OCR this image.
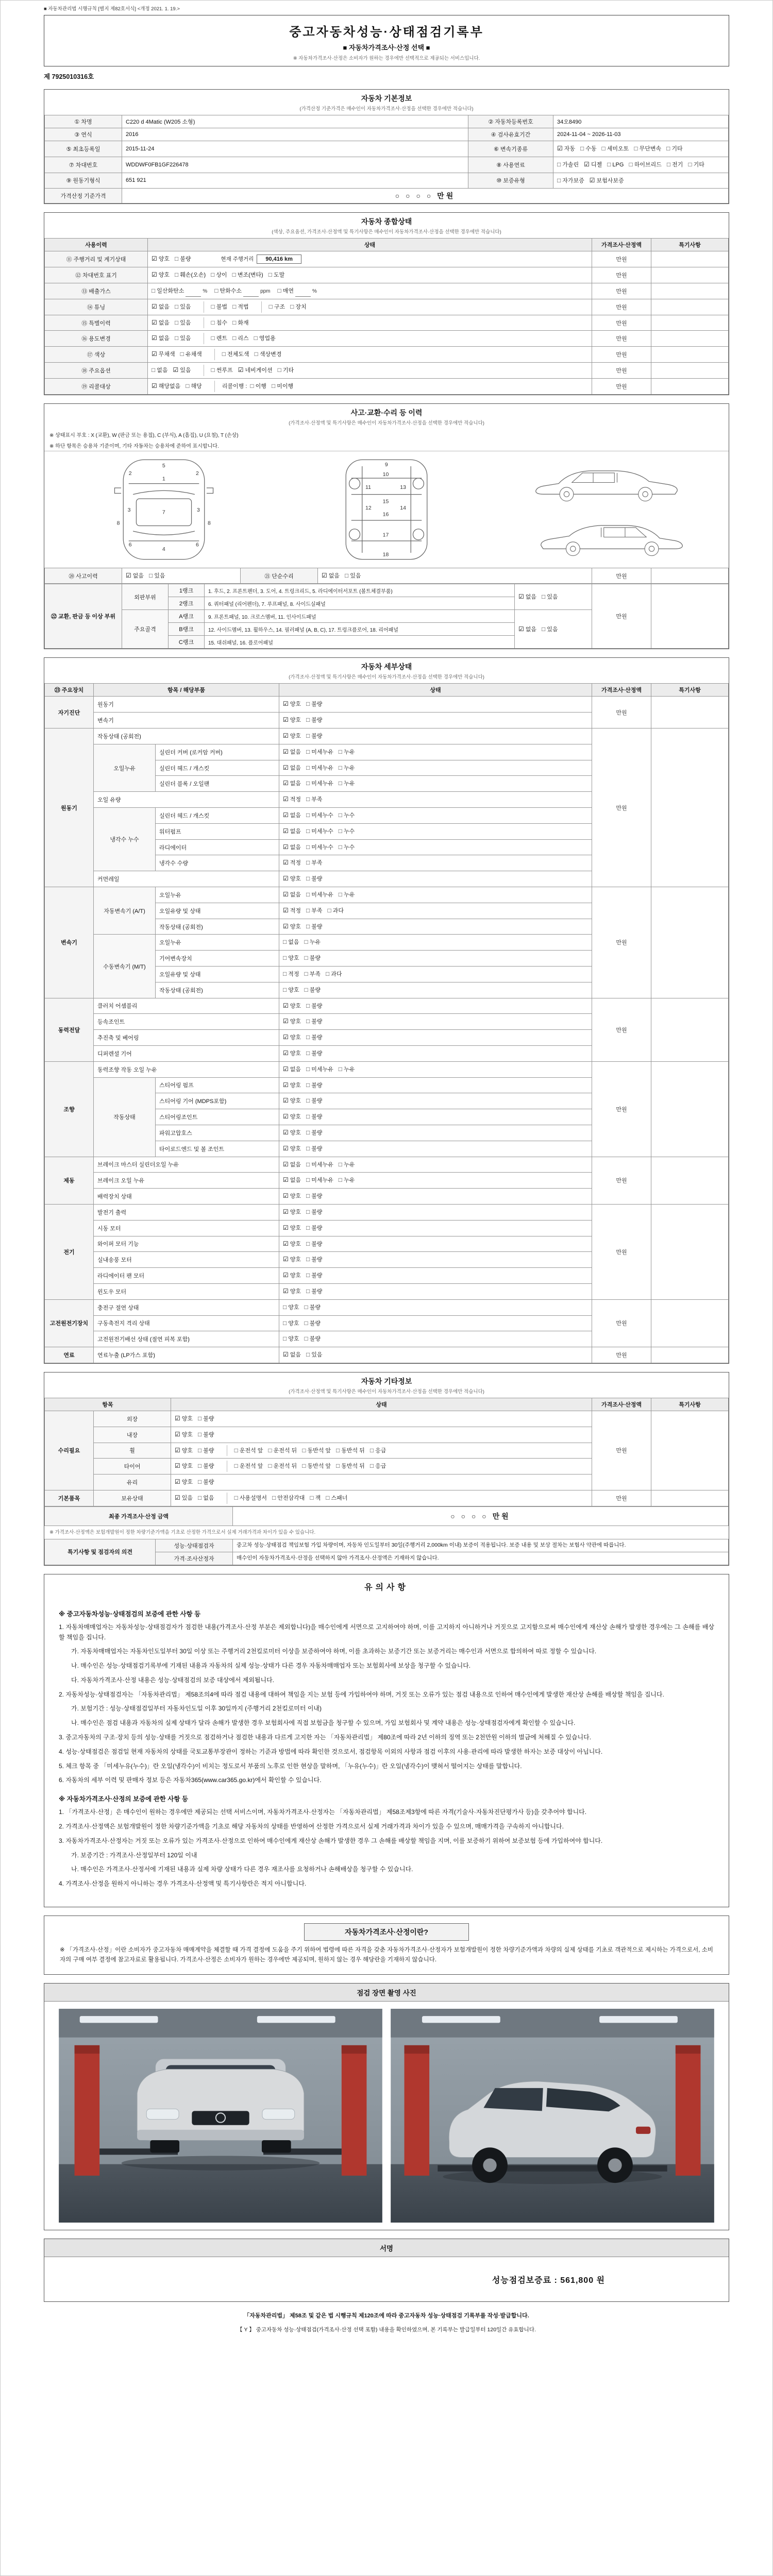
■ 자동차관리법 시행규칙 [별지 제82호서식] <개정 2021. 1. 19.>
중고자동차성능·상태점검기록부
■ 자동차가격조사·산정 선택 ■
※ 자동차가격조사·산정은 소비자가 원하는 경우에만 선택적으로 제공되는 서비스입니다.
제 7925010316호
자동차 기본정보
(가격산정 기준가격은 매수인이 자동차가격조사·산정을 선택한 경우에만 적습니다)
① 차명	C220 d 4Matic (W205 소형)	② 자동차등록번호	34오8490
③ 연식	2016	④ 검사유효기간	2024-11-04 ~ 2026-11-03
⑤ 최초등록일	2015-11-24	⑥ 변속기종류	☑ 자동 □ 수동 □ 세미오토 □ 무단변속 □ 기타
⑦ 차대번호	WDDWF0FB1GF226478	⑧ 사용연료	□ 가솔린 ☑ 디젤 □ LPG □ 하이브리드 □ 전기 □ 기타
⑨ 원동기형식	651 921	⑩ 보증유형	□ 자가보증 ☑ 보험사보증
가격산정 기준가격	○ ○ ○ ○ 만원		
자동차 종합상태
(색상, 주요옵션, 가격조사·산정액 및 특기사항은 매수인이 자동차가격조사·산정을 선택한 경우에만 적습니다)
사용이력	상태	가격조사·산정액	특기사항
⑪ 주행거리 및 계기상태	☑ 양호 □ 불량 현재 주행거리 90,416 km	만원	
⑫ 차대번호 표기	☑ 양호 □ 훼손(오손) □ 상이 □ 변조(변타) □ 도말	만원	
⑬ 배출가스	□ 일산화탄소 % □ 탄화수소 ppm □ 매연 %	만원	
⑭ 튜닝	☑ 없음 □ 있음 □ 불법 □ 적법 □ 구조 □ 장치	만원	
⑮ 특별이력	☑ 없음 □ 있음 □ 침수 □ 화재	만원	
⑯ 용도변경	☑ 없음 □ 있음 □ 렌트 □ 리스 □ 영업용	만원	
⑰ 색상	☑ 무채색 □ 유채색 □ 전체도색 □ 색상변경	만원	
⑱ 주요옵션	□ 없음 ☑ 있음 □ 썬루프 ☑ 네비게이션 □ 기타	만원	
⑲ 리콜대상	☑ 해당없음 □ 해당 리콜이행 : □ 이행 □ 미이행	만원	
사고·교환·수리 등 이력
(가격조사·산정액 및 특기사항은 매수인이 자동차가격조사·산정을 선택한 경우에만 적습니다)
※ 상태표시 부호 : X (교환), W (판금 또는 용접), C (부식), A (흠집), U (요철), T (손상)
※ 하단 항목은 승용차 기준이며, 기타 자동차는 승용차에 준하여 표시합니다.
5
1
7
4
2	2
3	3
6	6
8	8
9
10
11	13
12	14
15
16
17
18
⑳ 사고이력	☑ 없음 □ 있음	㉑ 단순수리	☑ 없음 □ 있음	만원	
㉒ 교환, 판금 등 이상 부위	외판부위	1랭크	1. 후드, 2. 프론트펜더, 3. 도어, 4. 트렁크리드, 5. 라디에이터서포트 (볼트체결부품)	☑ 없음 □ 있음	만원	
		2랭크	6. 쿼터패널 (리어펜더), 7. 루프패널, 8. 사이드실패널			
	주요골격	A랭크	9. 프론트패널, 10. 크로스멤버, 11. 인사이드패널	☑ 없음 □ 있음		
		B랭크	12. 사이드멤버, 13. 휠하우스, 14. 필러패널 (A, B, C), 17. 트렁크플로어, 18. 리어패널			
		C랭크	15. 대쉬패널, 16. 플로어패널			
자동차 세부상태
(가격조사·산정액 및 특기사항은 매수인이 자동차가격조사·산정을 선택한 경우에만 적습니다)
㉓ 주요장치	항목 / 해당부품		상태	가격조사·산정액	특기사항
자기진단	원동기		☑ 양호 □ 불량	만원	
	변속기		☑ 양호 □ 불량		
원동기	작동상태 (공회전)		☑ 양호 □ 불량	만원	
	오일누유	실린더 커버 (로커암 커버)	☑ 없음 □ 미세누유 □ 누유		
		실린더 헤드 / 개스킷	☑ 없음 □ 미세누유 □ 누유		
		실린더 블록 / 오일팬	☑ 없음 □ 미세누유 □ 누유		
	오일 유량		☑ 적정 □ 부족		
	냉각수 누수	실린더 헤드 / 개스킷	☑ 없음 □ 미세누수 □ 누수		
		워터펌프	☑ 없음 □ 미세누수 □ 누수		
		라디에이터	☑ 없음 □ 미세누수 □ 누수		
		냉각수 수량	☑ 적정 □ 부족		
	커먼레일		☑ 양호 □ 불량		
변속기	자동변속기 (A/T)	오일누유	☑ 없음 □ 미세누유 □ 누유	만원	
		오일유량 및 상태	☑ 적정 □ 부족 □ 과다		
		작동상태 (공회전)	☑ 양호 □ 불량		
	수동변속기 (M/T)	오일누유	□ 없음 □ 누유		
		기어변속장치	□ 양호 □ 불량		
		오일유량 및 상태	□ 적정 □ 부족 □ 과다		
		작동상태 (공회전)	□ 양호 □ 불량		
동력전달	클러치 어셈블리		☑ 양호 □ 불량	만원	
	등속조인트		☑ 양호 □ 불량		
	추진축 및 베어링		☑ 양호 □ 불량		
	디퍼렌셜 기어		☑ 양호 □ 불량		
조향	동력조향 작동 오일 누유		☑ 없음 □ 미세누유 □ 누유	만원	
	작동상태	스티어링 펌프	☑ 양호 □ 불량		
		스티어링 기어 (MDPS포함)	☑ 양호 □ 불량		
		스티어링조인트	☑ 양호 □ 불량		
		파워고압호스	☑ 양호 □ 불량		
		타이로드엔드 및 볼 조인트	☑ 양호 □ 불량		
제동	브레이크 마스터 실린더오일 누유		☑ 없음 □ 미세누유 □ 누유	만원	
	브레이크 오일 누유		☑ 없음 □ 미세누유 □ 누유		
	배력장치 상태		☑ 양호 □ 불량		
전기	발전기 출력		☑ 양호 □ 불량	만원	
	시동 모터		☑ 양호 □ 불량		
	와이퍼 모터 기능		☑ 양호 □ 불량		
	실내송풍 모터		☑ 양호 □ 불량		
	라디에이터 팬 모터		☑ 양호 □ 불량		
	윈도우 모터		☑ 양호 □ 불량		
고전원전기장치	충전구 절연 상태		□ 양호 □ 불량	만원	
	구동축전지 격리 상태		□ 양호 □ 불량		
	고전원전기배선 상태 (절연 피복 포함)		□ 양호 □ 불량		
연료	연료누출 (LP가스 포함)		☑ 없음 □ 있음	만원	
자동차 기타정보
(가격조사·산정액 및 특기사항은 매수인이 자동차가격조사·산정을 선택한 경우에만 적습니다)
항목		상태	가격조사·산정액	특기사항
수리필요	외장	☑ 양호 □ 불량	만원	
	내장	☑ 양호 □ 불량		
	휠	☑ 양호 □ 불량 □ 운전석 앞 □ 운전석 뒤 □ 동반석 앞 □ 동반석 뒤 □ 응급		
	타이어	☑ 양호 □ 불량 □ 운전석 앞 □ 운전석 뒤 □ 동반석 앞 □ 동반석 뒤 □ 응급		
	유리	☑ 양호 □ 불량		
기본품목	보유상태	☑ 있음 □ 없음 □ 사용설명서 □ 안전삼각대 □ 잭 □ 스패너	만원	
최종 가격조사·산정 금액	○ ○ ○ ○ 만원
※ 가격조사·산정액은 보험개발원이 정한 차량기준가액을 기초로 산정한 가격으로서 실제 거래가격과 차이가 있을 수 있습니다.
특기사항 및 점검자의 의견	성능·상태점검자	중고차 성능·상태점검 책임보험 가입 차량이며, 자동차 인도일부터 30일(주행거리 2,000km 이내) 보증이 적용됩니다. 보증 내용 및 보상 절차는 보험사 약관에 따릅니다.
	가격·조사산정자	매수인이 자동차가격조사·산정을 선택하지 않아 가격조사·산정액은 기재하지 않습니다.
유의사항
※ 중고자동차성능·상태점검의 보증에 관한 사항 등
1. 자동차매매업자는 자동차성능·상태점검자가 점검한 내용(가격조사·산정 부분은 제외합니다)을 매수인에게 서면으로 고지하여야 하며, 이를 고지하지 아니하거나 거짓으로 고지함으로써 매수인에게 재산상 손해가 발생한 경우에는 그 손해를 배상할 책임을 집니다.
가. 자동차매매업자는 자동차인도일부터 30일 이상 또는 주행거리 2천킬로미터 이상을 보증하여야 하며, 이를 초과하는 보증기간 또는 보증거리는 매수인과 서면으로 합의하여 따로 정할 수 있습니다.
나. 매수인은 성능·상태점검기록부에 기재된 내용과 자동차의 실제 성능·상태가 다른 경우 자동차매매업자 또는 보험회사에 보상을 청구할 수 있습니다.
다. 자동차가격조사·산정 내용은 성능·상태점검의 보증 대상에서 제외됩니다.
2. 자동차성능·상태점검자는 「자동차관리법」 제58조의4에 따라 점검 내용에 대하여 책임을 지는 보험 등에 가입하여야 하며, 거짓 또는 오류가 있는 점검 내용으로 인하여 매수인에게 발생한 재산상 손해를 배상할 책임을 집니다.
가. 보험기간 : 성능·상태점검일부터 자동차인도일 이후 30일까지 (주행거리 2천킬로미터 이내)
나. 매수인은 점검 내용과 자동차의 실제 상태가 달라 손해가 발생한 경우 보험회사에 직접 보험금을 청구할 수 있으며, 가입 보험회사 및 계약 내용은 성능·상태점검자에게 확인할 수 있습니다.
3. 중고자동차의 구조·장치 등의 성능·상태를 거짓으로 점검하거나 점검한 내용과 다르게 고지한 자는 「자동차관리법」 제80조에 따라 2년 이하의 징역 또는 2천만원 이하의 벌금에 처해질 수 있습니다.
4. 성능·상태점검은 점검일 현재 자동차의 상태를 국토교통부장관이 정하는 기준과 방법에 따라 확인한 것으로서, 점검항목 이외의 사항과 점검 이후의 사용·관리에 따라 발생한 하자는 보증 대상이 아닙니다.
5. 체크 항목 중 「미세누유(누수)」란 오일(냉각수)이 비치는 정도로서 부품의 노후로 인한 현상을 말하며, 「누유(누수)」란 오일(냉각수)이 맺혀서 떨어지는 상태를 말합니다.
6. 자동차의 세부 이력 및 판매자 정보 등은 자동차365(www.car365.go.kr)에서 확인할 수 있습니다.
※ 자동차가격조사·산정의 보증에 관한 사항 등
1. 「가격조사·산정」은 매수인이 원하는 경우에만 제공되는 선택 서비스이며, 자동차가격조사·산정자는 「자동차관리법」 제58조제3항에 따른 자격(기술사·자동차진단평가사 등)을 갖추어야 합니다.
2. 가격조사·산정액은 보험개발원이 정한 차량기준가액을 기초로 해당 자동차의 상태를 반영하여 산정한 가격으로서 실제 거래가격과 차이가 있을 수 있으며, 매매가격을 구속하지 아니합니다.
3. 자동차가격조사·산정자는 거짓 또는 오류가 있는 가격조사·산정으로 인하여 매수인에게 재산상 손해가 발생한 경우 그 손해를 배상할 책임을 지며, 이를 보증하기 위하여 보증보험 등에 가입하여야 합니다.
가. 보증기간 : 가격조사·산정일부터 120일 이내
나. 매수인은 가격조사·산정서에 기재된 내용과 실제 차량 상태가 다른 경우 재조사를 요청하거나 손해배상을 청구할 수 있습니다.
4. 가격조사·산정을 원하지 아니하는 경우 가격조사·산정액 및 특기사항란은 적지 아니합니다.
자동차가격조사·산정이란?
※ 「가격조사·산정」이란 소비자가 중고자동차 매매계약을 체결할 때 가격 결정에 도움을 주기 위하여 법령에 따른 자격을 갖춘 자동차가격조사·산정자가 보험개발원이 정한 차량기준가액과 차량의 실제 상태를 기초로 객관적으로 제시하는 가격으로서, 소비자의 구매 여부 결정에 참고자료로 활용됩니다. 가격조사·산정은 소비자가 원하는 경우에만 제공되며, 원하지 않는 경우 해당란을 기재하지 않습니다.
점검 장면 촬영 사진
서명
성능점검보증료 : 561,800 원
「자동차관리법」 제58조 및 같은 법 시행규칙 제120조에 따라 중고자동차 성능·상태점검 기록부를 작성·발급합니다.
【 Y 】 중고자동차 성능·상태점검(가격조사·산정 선택 포함) 내용을 확인하였으며, 본 기록부는 발급일부터 120일간 유효합니다.
